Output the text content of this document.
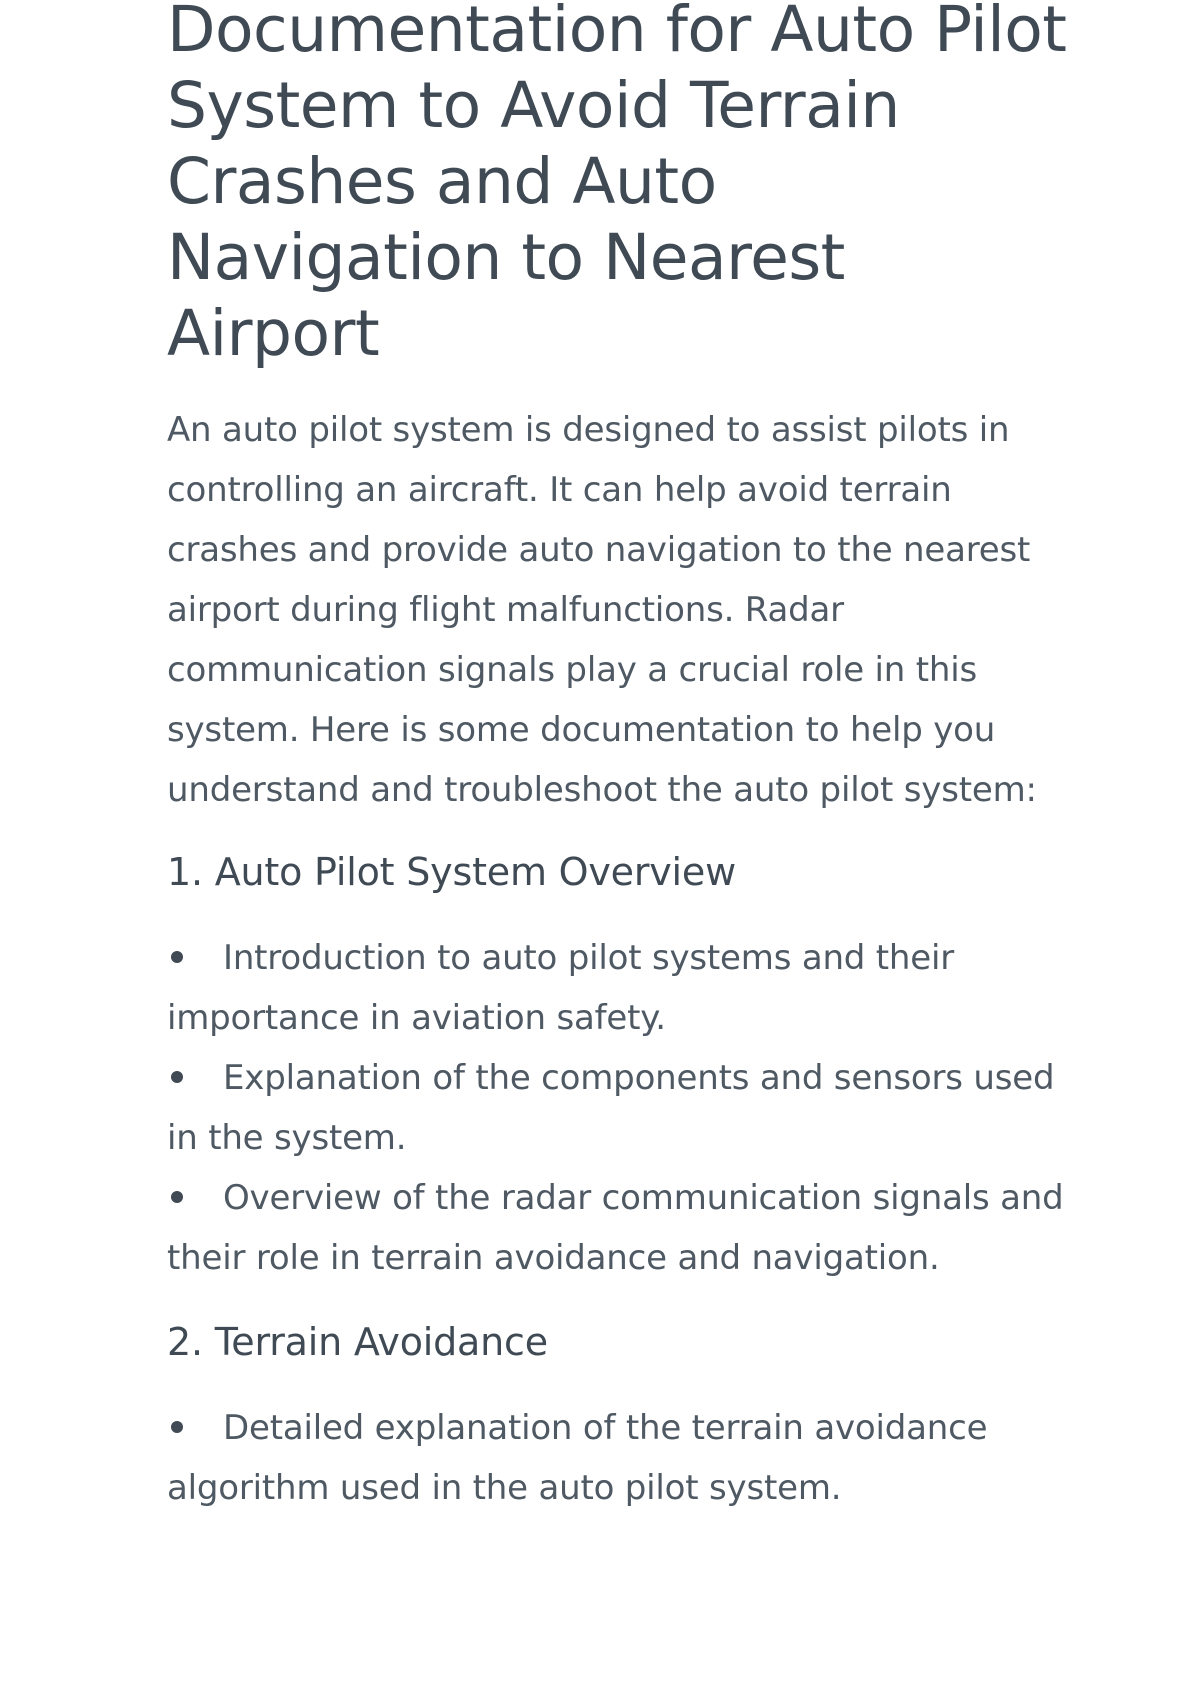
Documentation for Auto Pilot System to Avoid Terrain Crashes and Auto Navigation to Nearest Airport

An auto pilot system is designed to assist pilots in controlling an aircraft. It can help avoid terrain crashes and provide auto navigation to the nearest airport during flight malfunctions. Radar communication signals play a crucial role in this system. Here is some documentation to help you understand and troubleshoot the auto pilot system:

1. Auto Pilot System Overview
Introduction to auto pilot systems and their importance in aviation safety.
Explanation of the components and sensors used in the system.
Overview of the radar communication signals and their role in terrain avoidance and navigation.
2. Terrain Avoidance
Detailed explanation of the terrain avoidance algorithm used in the auto pilot system.
